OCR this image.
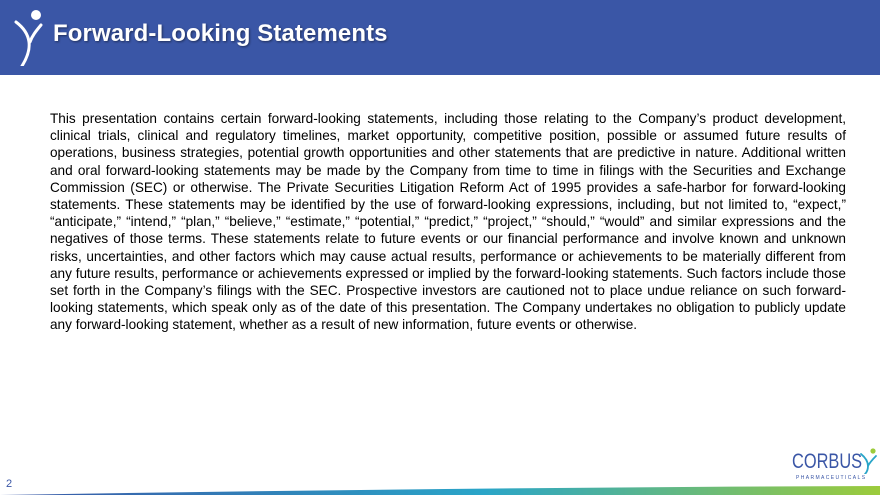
Forward-Looking Statements
This presentation contains certain forward-looking statements, including those relating to the Company’s product development, clinical trials, clinical and regulatory timelines, market opportunity, competitive position, possible or assumed future results of operations, business strategies, potential growth opportunities and other statements that are predictive in nature. Additional written and oral forward-looking statements may be made by the Company from time to time in filings with the Securities and Exchange Commission (SEC) or otherwise. The Private Securities Litigation Reform Act of 1995 provides a safe-harbor for forward-looking statements. These statements may be identified by the use of forward-looking expressions, including, but not limited to, “expect,” “anticipate,” “intend,” “plan,” “believe,” “estimate,” “potential,” “predict,” “project,” “should,” “would” and similar expressions and the negatives of those terms. These statements relate to future events or our financial performance and involve known and unknown risks, uncertainties, and other factors which may cause actual results, performance or achievements to be materially different from any future results, performance or achievements expressed or implied by the forward-looking statements. Such factors include those set forth in the Company’s filings with the SEC. Prospective investors are cautioned not to place undue reliance on such forward-looking statements, which speak only as of the date of this presentation. The Company undertakes no obligation to publicly update any forward-looking statement, whether as a result of new information, future events or otherwise.
2
CORBUS
PHARMACEUTICALS
